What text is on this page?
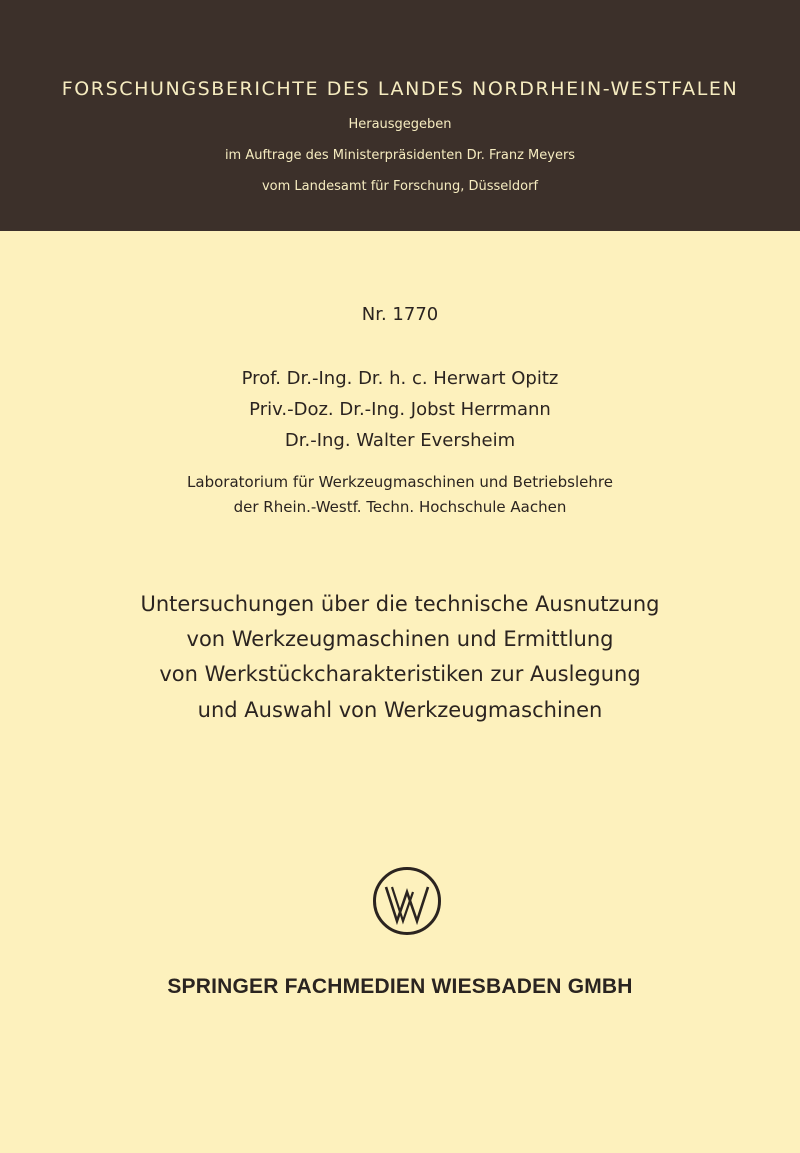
FORSCHUNGSBERICHTE DES LANDES NORDRHEIN-WESTFALEN
Herausgegeben
im Auftrage des Ministerpräsidenten Dr. Franz Meyers
vom Landesamt für Forschung, Düsseldorf
Nr. 1770
Prof. Dr.-Ing. Dr. h. c. Herwart Opitz
Priv.-Doz. Dr.-Ing. Jobst Herrmann
Dr.-Ing. Walter Eversheim
Laboratorium für Werkzeugmaschinen und Betriebslehre
der Rhein.-Westf. Techn. Hochschule Aachen
Untersuchungen über die technische Ausnutzung
von Werkzeugmaschinen und Ermittlung
von Werkstückcharakteristiken zur Auslegung
und Auswahl von Werkzeugmaschinen
SPRINGER FACHMEDIEN WIESBADEN GMBH
